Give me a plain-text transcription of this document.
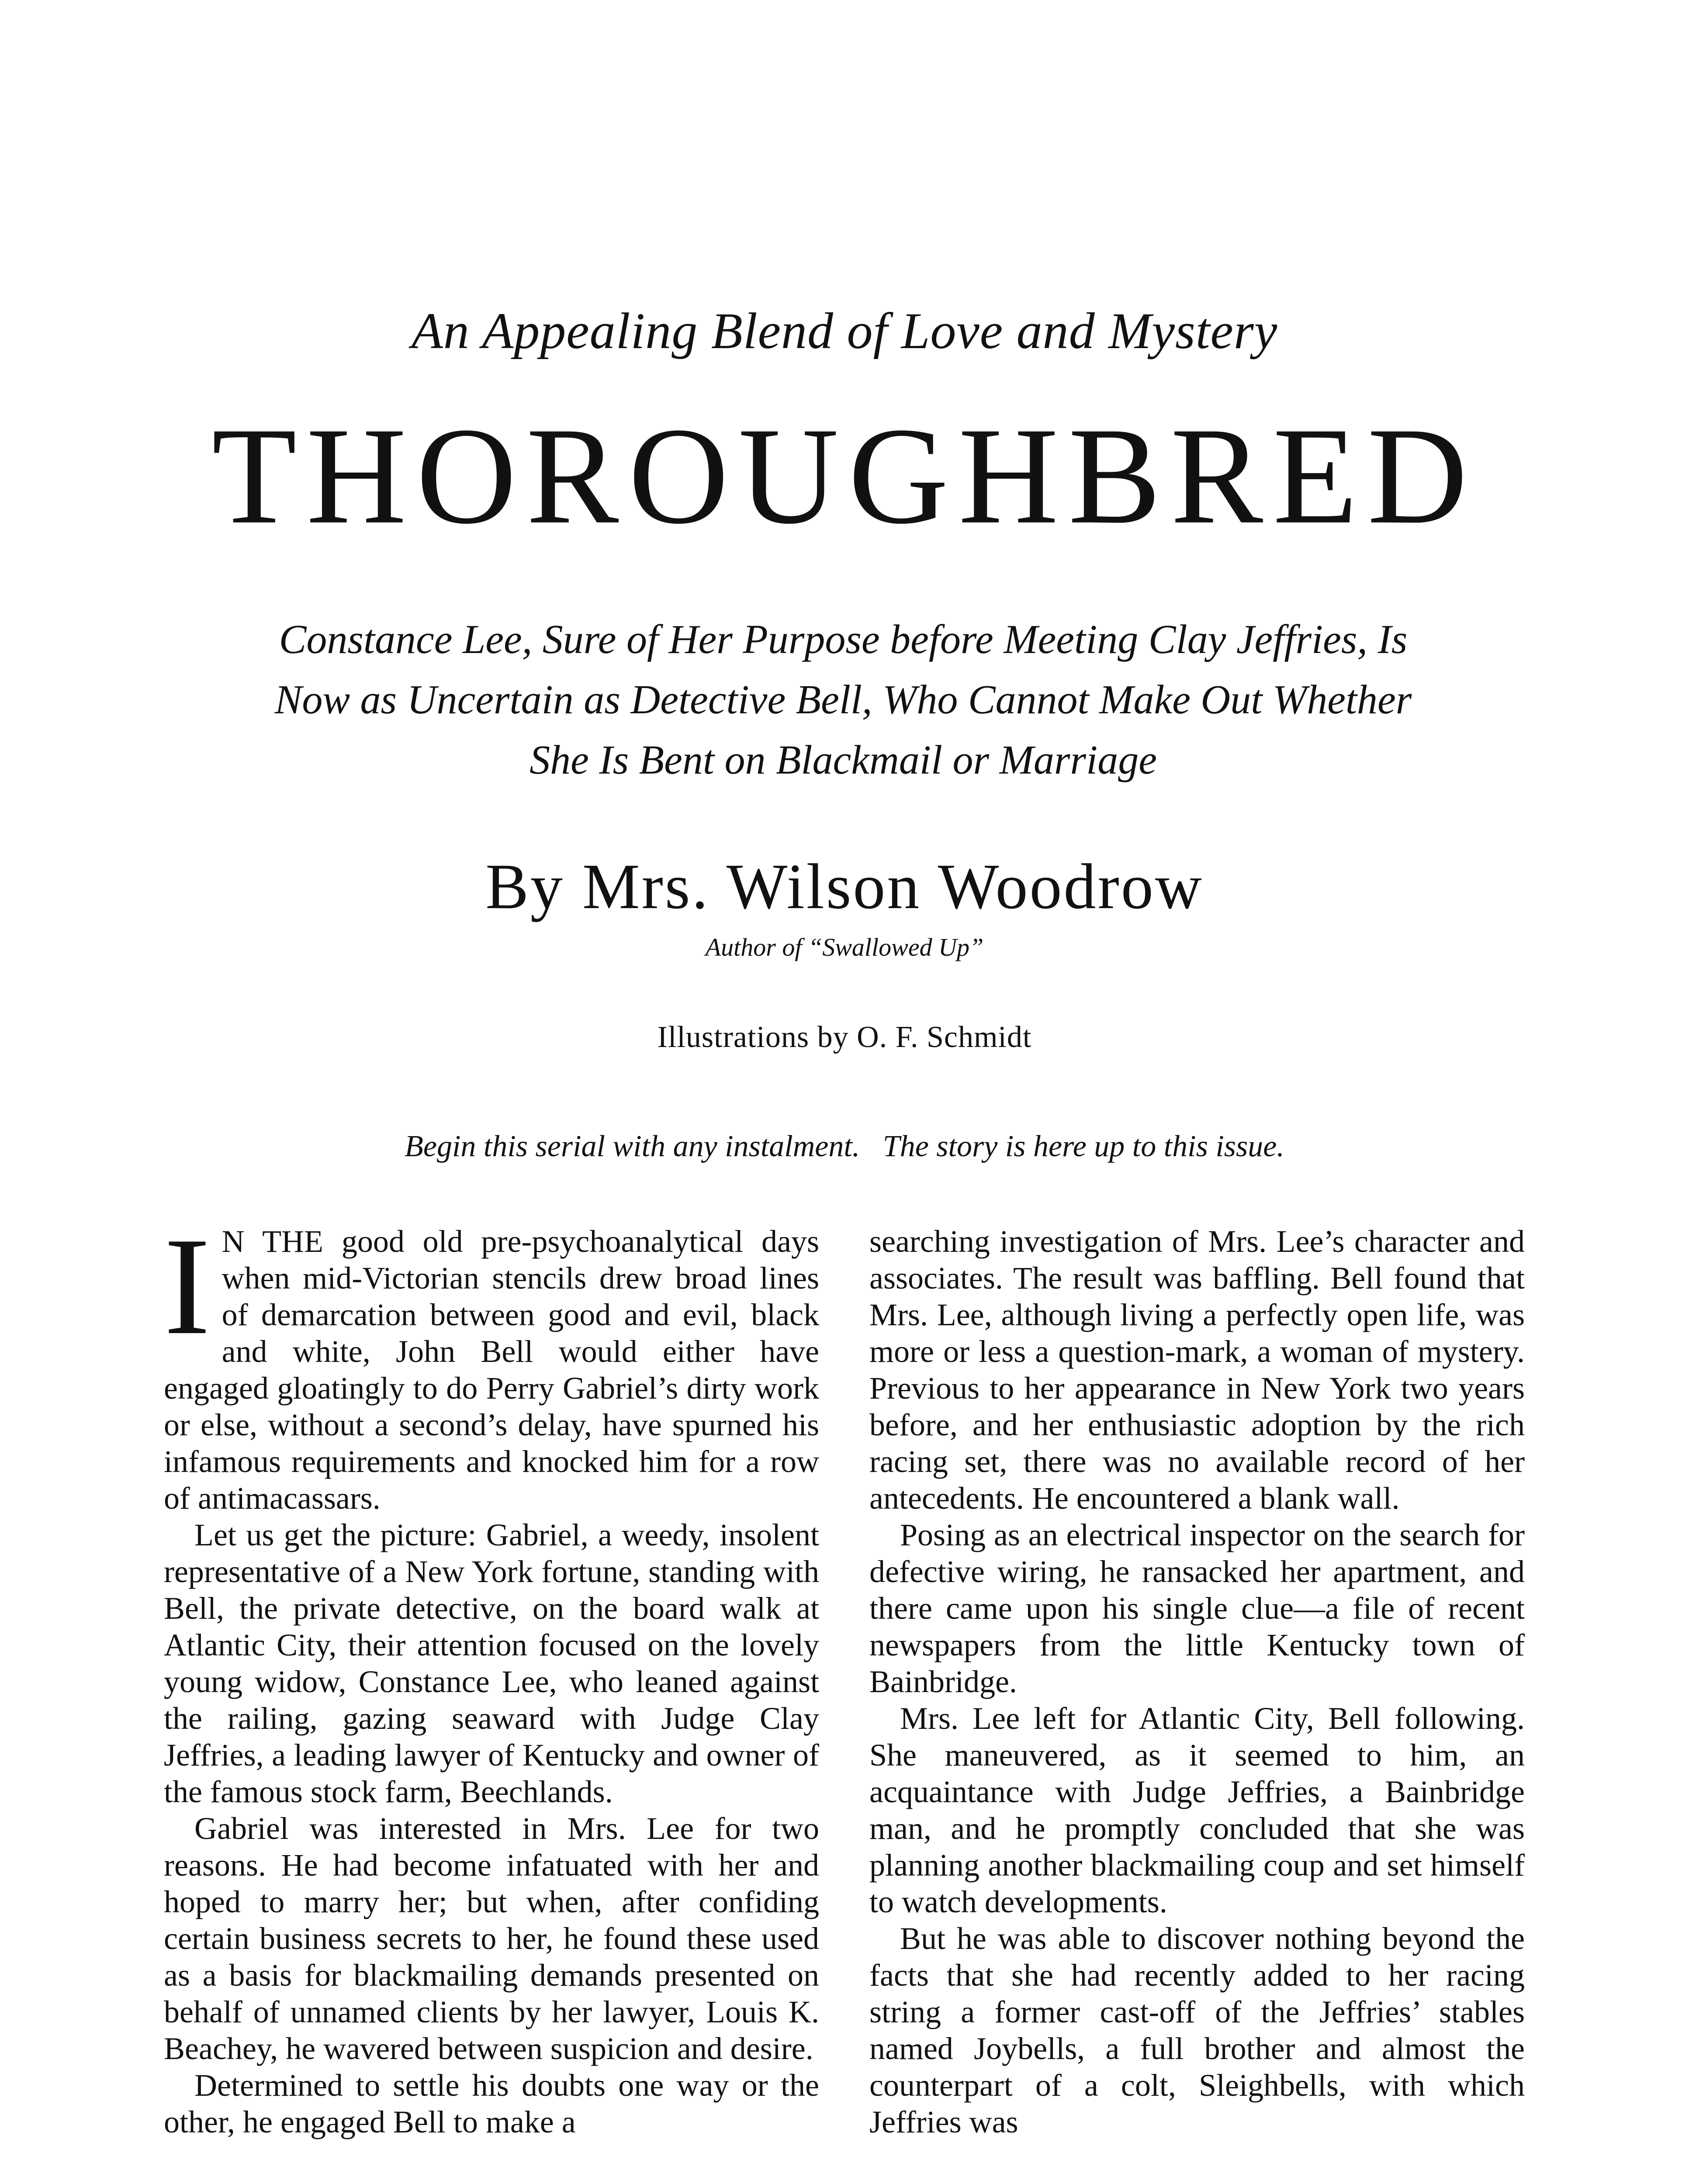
An Appealing Blend of Love and Mystery
THOROUGHBRED
Constance Lee, Sure of Her Purpose before Meeting Clay Jeffries, Is Now as Uncertain as Detective Bell, Who Cannot Make Out Whether She Is Bent on Blackmail or Marriage
By Mrs. Wilson Woodrow
Author of “Swallowed Up”
Illustrations by O. F. Schmidt
Begin this serial with any instalment.   The story is here up to this issue.

I N THE good old pre-psychoanalytical days when mid-Victorian stencils drew broad lines of demarcation between good and evil, black and white, John Bell would either have engaged gloatingly to do Perry Gabriel’s dirty work or else, without a second’s delay, have spurned his infamous requirements and knocked him for a row of antimacassars.

Let us get the picture: Gabriel, a weedy, insolent representative of a New York fortune, standing with Bell, the private detective, on the board walk at Atlantic City, their attention focused on the lovely young widow, Constance Lee, who leaned against the railing, gazing seaward with Judge Clay Jeffries, a leading lawyer of Kentucky and owner of the famous stock farm, Beechlands.

Gabriel was interested in Mrs. Lee for two reasons. He had become infatuated with her and hoped to marry her; but when, after confiding certain business secrets to her, he found these used as a basis for blackmailing demands presented on behalf of unnamed clients by her lawyer, Louis K. Beachey, he wavered between suspicion and desire.

Determined to settle his doubts one way or the other, he engaged Bell to make a

searching investigation of Mrs. Lee’s character and associates. The result was baffling. Bell found that Mrs. Lee, although living a perfectly open life, was more or less a question-mark, a woman of mystery. Previous to her appearance in New York two years before, and her enthusiastic adoption by the rich racing set, there was no available record of her antecedents. He encountered a blank wall.

Posing as an electrical inspector on the search for defective wiring, he ransacked her apartment, and there came upon his single clue—a file of recent newspapers from the little Kentucky town of Bainbridge.

Mrs. Lee left for Atlantic City, Bell following. She maneuvered, as it seemed to him, an acquaintance with Judge Jeffries, a Bainbridge man, and he promptly concluded that she was planning another blackmailing coup and set himself to watch developments.

But he was able to discover nothing beyond the facts that she had recently added to her racing string a former cast-off of the Jeffries’ stables named Joybells, a full brother and almost the counterpart of a colt, Sleighbells, with which Jeffries was
